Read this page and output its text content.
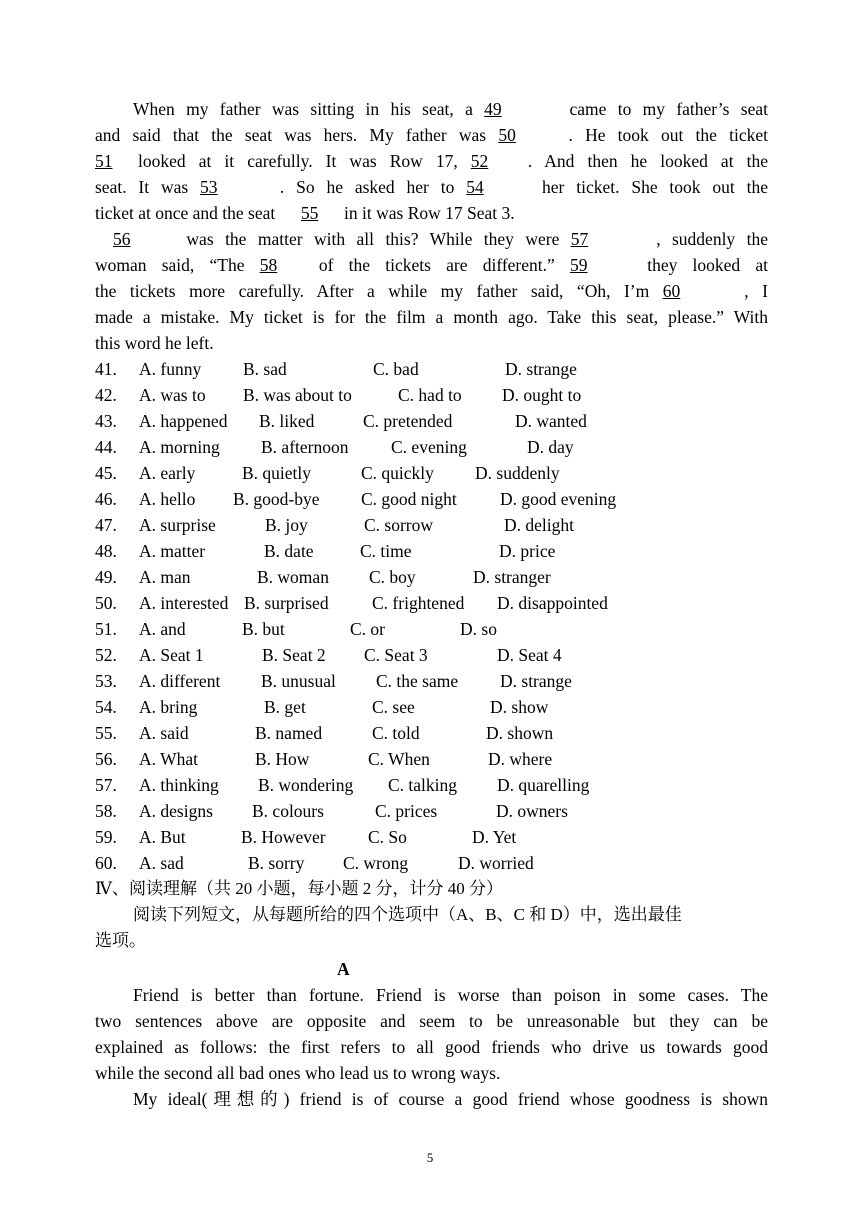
When my father was sitting in his seat, a 49	came to my father’s seat
and said that the seat was hers. My father was 50 . He took out the ticket
51 looked at it carefully. It was Row 17, 52 . And then he looked at the
seat. It was 53	. So he asked her to 54	her ticket. She took out the
ticket at once and the seat 55 in it was Row 17 Seat 3.
56	was the matter with all this? While they were 57	, suddenly the
woman said, “The 58 of the tickets are different.” 59	they looked at
the tickets more carefully. After a while my father said, “Oh, I’m 60	, I
made a mistake. My ticket is for the film a month ago. Take this seat, please.” With
this word he left.
41. A. funny B. sad	C. bad	D. strange
42. A. was to B. was about to	C. had to D. ought to
43. A. happened B. liked	C. pretended	D. wanted
44. A. morning B. afternoon C. evening	D. day
45. A. early	B. quietly	C. quickly D. suddenly
46. A. hello B. good-bye C. good night D. good evening
47. A. surprise	B. joy	C. sorrow	D. delight
48. A. matter	B. date	C. time	D. price
49. A. man	B. woman C. boy	D. stranger
50. A. interested B. surprised C. frightened D. disappointed
51. A. and	B. but	C. or	D. so
52. A. Seat 1	B. Seat 2 C. Seat 3	D. Seat 4
53. A. different B. unusual C. the same D. strange
54. A. bring	B. get	C. see	D. show
55. A. said	B. named	C. told	D. shown
56. A. What	B. How	C. When	D. where
57. A. thinking B. wondering C. talking D. quarelling
58. A. designs B. colours	C. prices	D. owners
59. A. But	B. However C. So	D. Yet
60. A. sad	B. sorry C. wrong	D. worried
Ⅳ、阅读理解（共 20 小题，每小题 2 分，计分 40 分）
阅读下列短文，从每题所给的四个选项中（A、B、C 和 D）中，选出最佳
选项。
A
Friend is better than fortune. Friend is worse than poison in some cases. The
two sentences above are opposite and seem to be unreasonable but they can be
explained as follows: the first refers to all good friends who drive us towards good
while the second all bad ones who lead us to wrong ways.
My ideal(理想的) friend is of course a good friend whose goodness is shown
5
